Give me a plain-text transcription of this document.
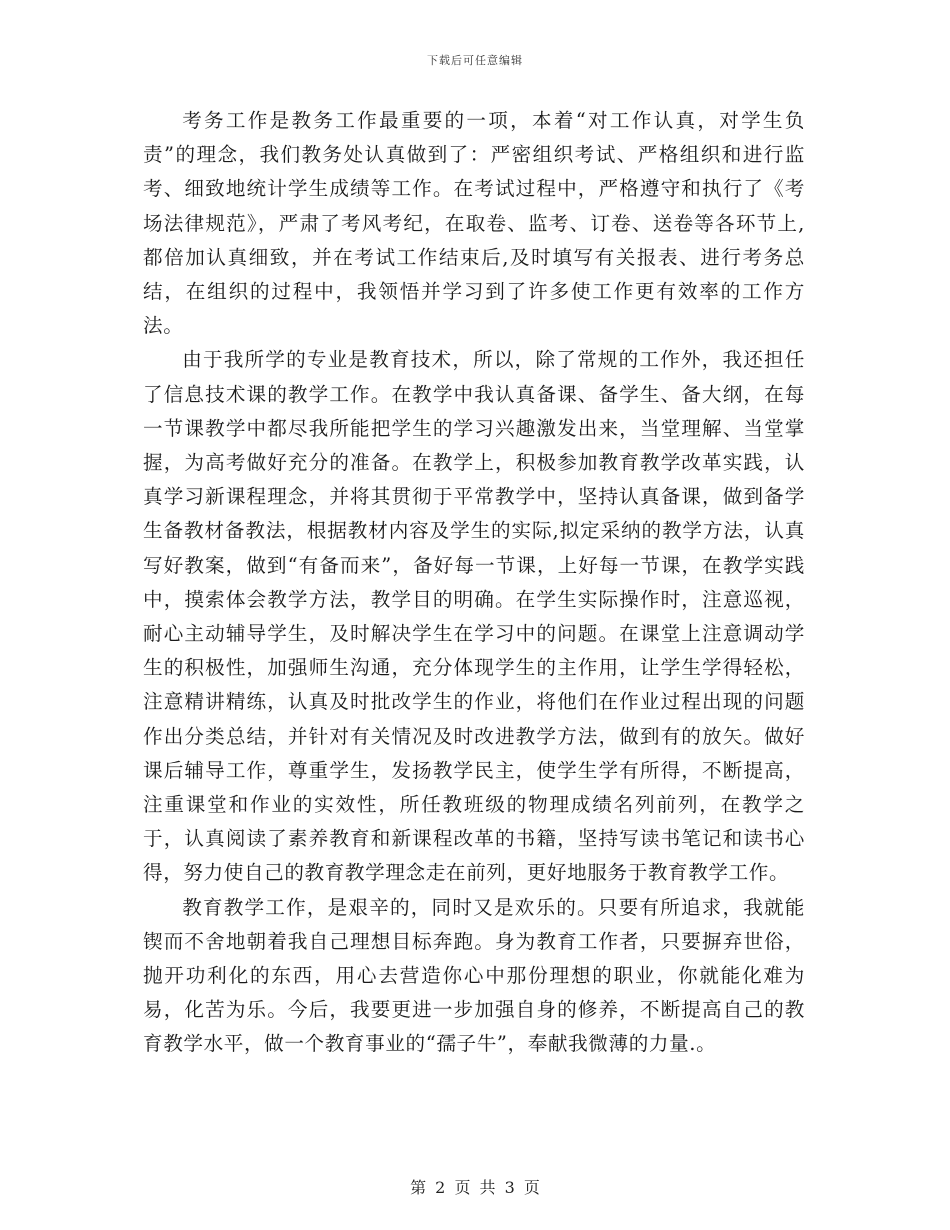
下载后可任意编辑

考务工作是教务工作最重要的一项，本着“对工作认真，对学生负责”的理念，我们教务处认真做到了：严密组织考试、严格组织和进行监考、细致地统计学生成绩等工作。在考试过程中，严格遵守和执行了《考场法律规范》，严肃了考风考纪，在取卷、监考、订卷、送卷等各环节上,都倍加认真细致，并在考试工作结束后,及时填写有关报表、进行考务总结，在组织的过程中，我领悟并学习到了许多使工作更有效率的工作方法。

由于我所学的专业是教育技术，所以，除了常规的工作外，我还担任了信息技术课的教学工作。在教学中我认真备课、备学生、备大纲，在每一节课教学中都尽我所能把学生的学习兴趣激发出来，当堂理解、当堂掌握，为高考做好充分的准备。在教学上，积极参加教育教学改革实践，认真学习新课程理念，并将其贯彻于平常教学中，坚持认真备课，做到备学生备教材备教法，根据教材内容及学生的实际,拟定采纳的教学方法，认真写好教案，做到“有备而来”，备好每一节课，上好每一节课，在教学实践中，摸索体会教学方法，教学目的明确。在学生实际操作时，注意巡视，耐心主动辅导学生，及时解决学生在学习中的问题。在课堂上注意调动学生的积极性，加强师生沟通，充分体现学生的主作用，让学生学得轻松，注意精讲精练，认真及时批改学生的作业，将他们在作业过程出现的问题作出分类总结，并针对有关情况及时改进教学方法，做到有的放矢。做好课后辅导工作，尊重学生，发扬教学民主，使学生学有所得，不断提高，注重课堂和作业的实效性，所任教班级的物理成绩名列前列，在教学之于，认真阅读了素养教育和新课程改革的书籍，坚持写读书笔记和读书心得，努力使自己的教育教学理念走在前列，更好地服务于教育教学工作。

教育教学工作，是艰辛的，同时又是欢乐的。只要有所追求，我就能锲而不舍地朝着我自己理想目标奔跑。身为教育工作者，只要摒弃世俗，抛开功利化的东西，用心去营造你心中那份理想的职业，你就能化难为易，化苦为乐。今后，我要更进一步加强自身的修养，不断提高自己的教育教学水平，做一个教育事业的“孺子牛”，奉献我微薄的力量.。

第 2 页 共 3 页
